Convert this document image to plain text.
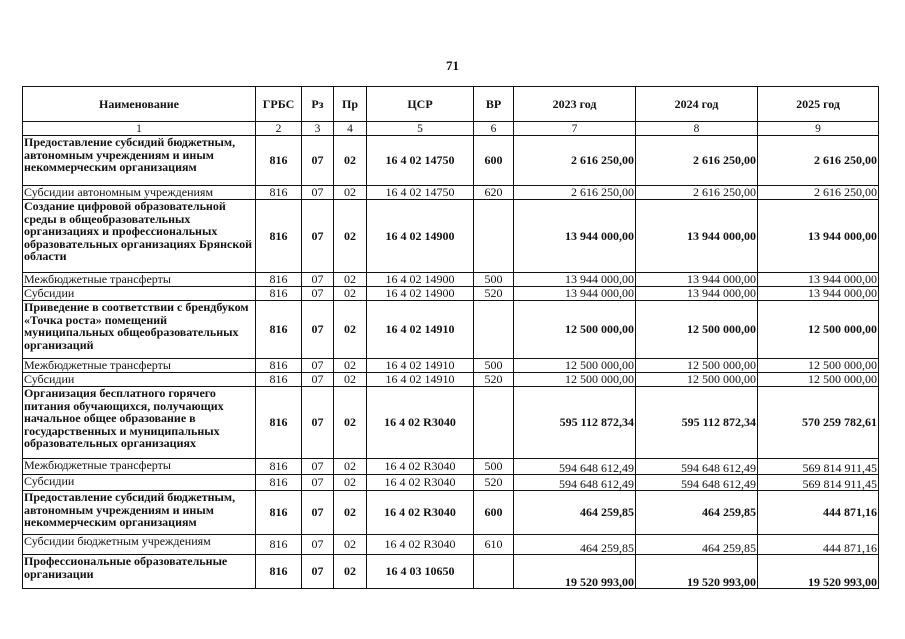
71
Наименование	ГРБС	Рз	Пр	ЦСР	ВР	2023 год	2024 год	2025 год
1	2	3	4	5	6	7	8	9
Предоставление субсидий бюджетным, автономным учреждениям и иным некоммерческим организациям	816	07	02	16 4 02 14750	600	2 616 250,00	2 616 250,00	2 616 250,00
Субсидии автономным учреждениям	816	07	02	16 4 02 14750	620	2 616 250,00	2 616 250,00	2 616 250,00
Создание цифровой образовательной среды в общеобразовательных организациях и профессиональных образовательных организациях Брянской области	816	07	02	16 4 02 14900		13 944 000,00	13 944 000,00	13 944 000,00
Межбюджетные трансферты	816	07	02	16 4 02 14900	500	13 944 000,00	13 944 000,00	13 944 000,00
Субсидии	816	07	02	16 4 02 14900	520	13 944 000,00	13 944 000,00	13 944 000,00
Приведение в соответствии с брендбуком «Точка роста» помещений муниципальных общеобразовательных организаций	816	07	02	16 4 02 14910		12 500 000,00	12 500 000,00	12 500 000,00
Межбюджетные трансферты	816	07	02	16 4 02 14910	500	12 500 000,00	12 500 000,00	12 500 000,00
Субсидии	816	07	02	16 4 02 14910	520	12 500 000,00	12 500 000,00	12 500 000,00
Организация бесплатного горячего питания обучающихся, получающих начальное общее образование в государственных и муниципальных образовательных организациях	816	07	02	16 4 02 R3040		595 112 872,34	595 112 872,34	570 259 782,61
Межбюджетные трансферты	816	07	02	16 4 02 R3040	500	594 648 612,49	594 648 612,49	569 814 911,45
Субсидии	816	07	02	16 4 02 R3040	520	594 648 612,49	594 648 612,49	569 814 911,45
Предоставление субсидий бюджетным, автономным учреждениям и иным некоммерческим организациям	816	07	02	16 4 02 R3040	600	464 259,85	464 259,85	444 871,16
Субсидии бюджетным учреждениям	816	07	02	16 4 02 R3040	610	464 259,85	464 259,85	444 871,16
Профессиональные образовательные организации	816	07	02	16 4 03 10650		19 520 993,00	19 520 993,00	19 520 993,00
